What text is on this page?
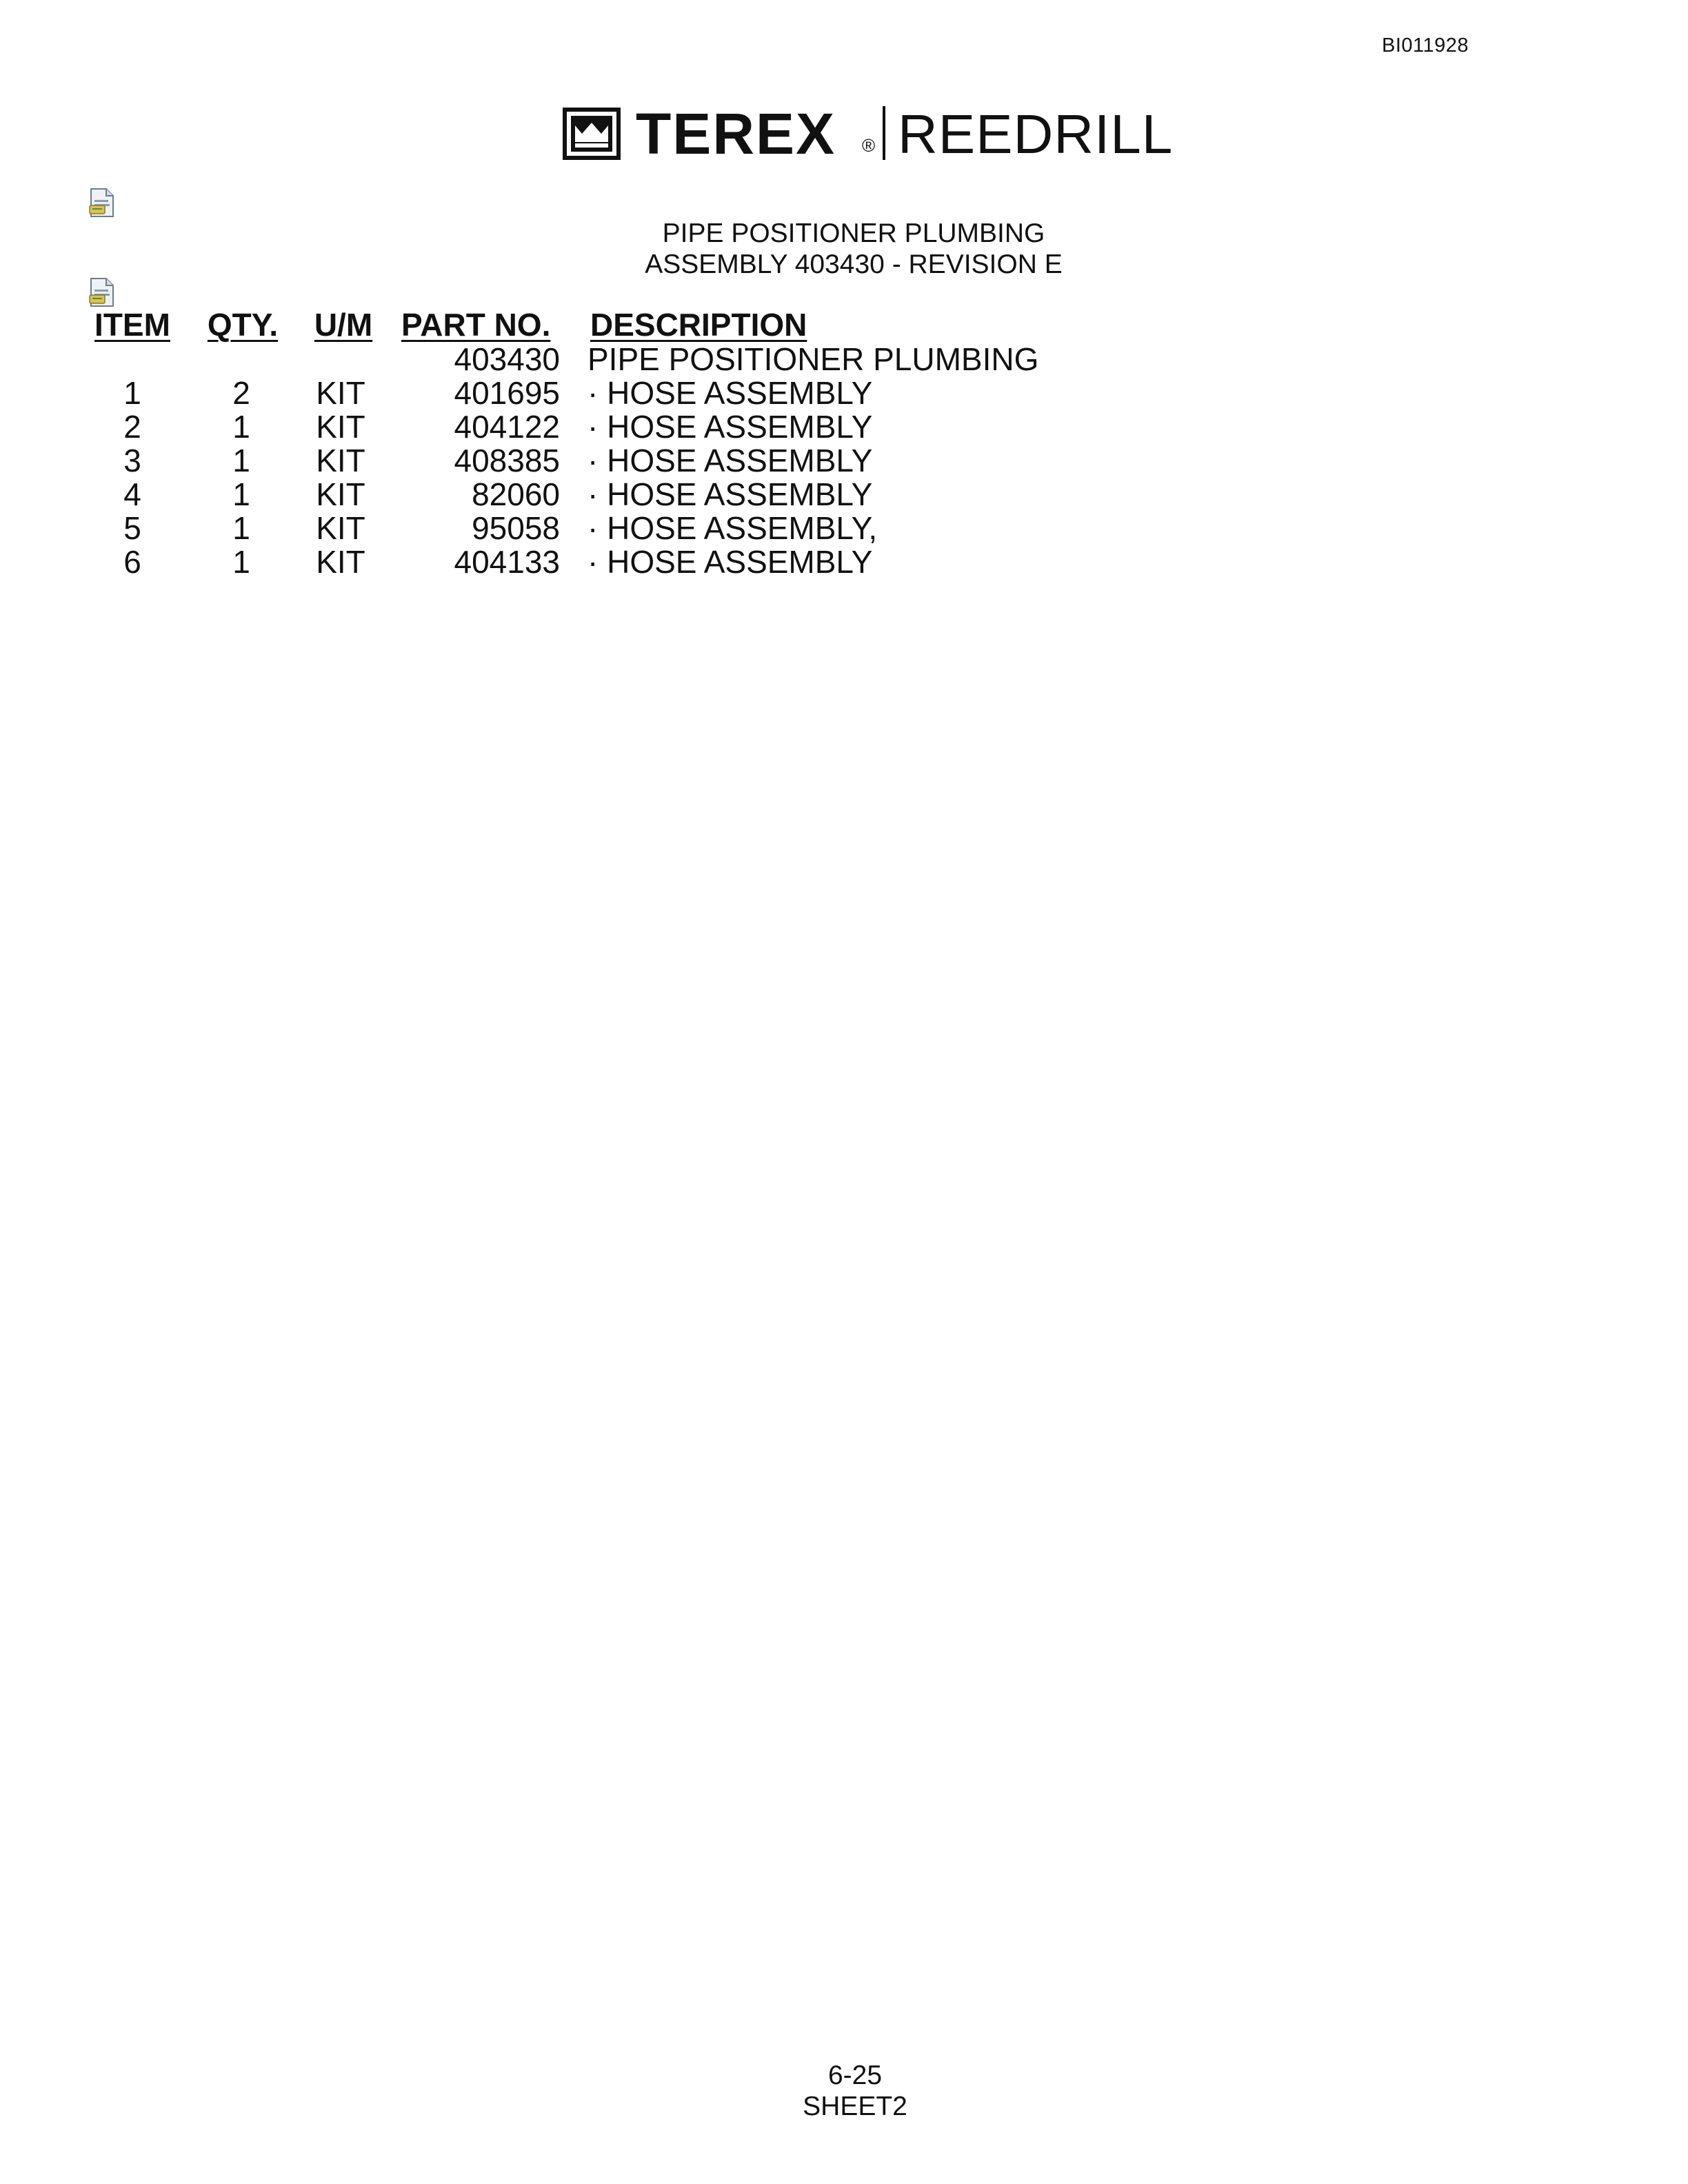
BI011928
TEREX ® REEDRILL
PIPE POSITIONER PLUMBING
ASSEMBLY 403430 - REVISION E
ITEM QTY. U/M PART NO.	DESCRIPTION
403430 PIPE POSITIONER PLUMBING
1	2	KIT	401695 · HOSE ASSEMBLY
2	1	KIT	404122 · HOSE ASSEMBLY
3	1	KIT	408385 · HOSE ASSEMBLY
4	1	KIT	82060 · HOSE ASSEMBLY
5	1	KIT	95058 · HOSE ASSEMBLY,
6	1	KIT	404133 · HOSE ASSEMBLY
6-25
SHEET2
